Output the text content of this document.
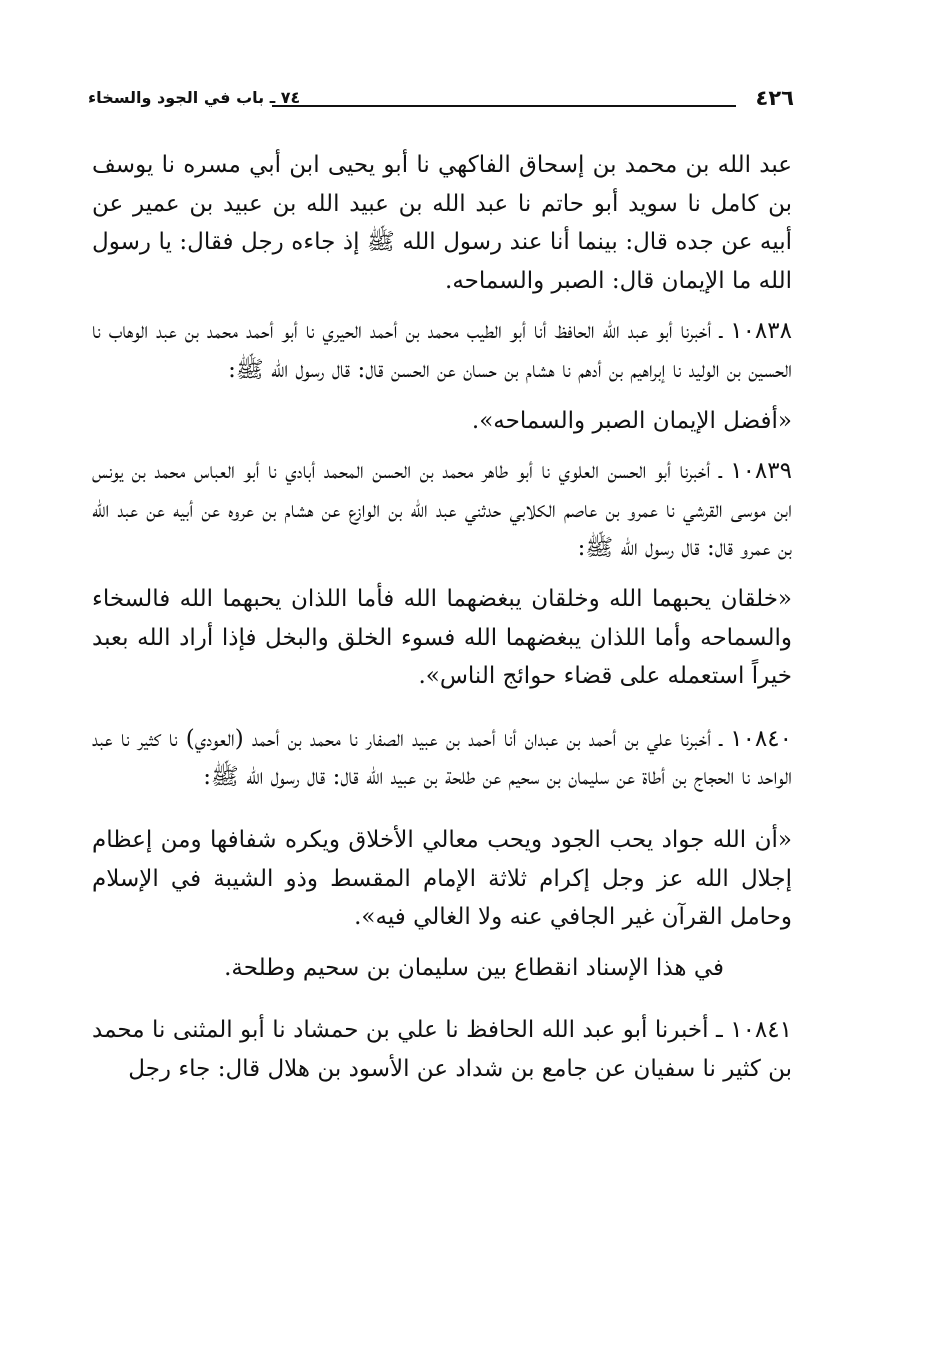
٤٢٦
٧٤ ـ باب في الجود والسخاء

عبد الله بن محمد بن إسحاق الفاكهي نا أبو يحيى ابن أبي مسره نا يوسف بن كامل نا سويد أبو حاتم نا عبد الله بن عبيد الله بن عبيد بن عمير عن أبيه عن جده قال: بينما أنا عند رسول الله ﷺ إذ جاءه رجل فقال: يا رسول الله ما الإيمان قال: الصبر والسماحه.

١٠٨٣٨ ـ أخبرنا أبو عبد الله الحافظ أنا أبو الطيب محمد بن أحمد الحيري نا أبو أحمد محمد بن عبد الوهاب نا الحسين بن الوليد نا إبراهيم بن أدهم نا هشام بن حسان عن الحسن قال: قال رسول الله ﷺ:

«أفضل الإيمان الصبر والسماحه».

١٠٨٣٩ ـ أخبرنا أبو الحسن العلوي نا أبو طاهر محمد بن الحسن المحمد أبادي نا أبو العباس محمد بن يونس ابن موسى القرشي نا عمرو بن عاصم الكلابي حدثني عبد الله بن الوازع عن هشام بن عروه عن أبيه عن عبد الله بن عمرو قال: قال رسول الله ﷺ:

«خلقان يحبهما الله وخلقان يبغضهما الله فأما اللذان يحبهما الله فالسخاء والسماحه وأما اللذان يبغضهما الله فسوء الخلق والبخل فإذا أراد الله بعبد خيراً استعمله على قضاء حوائج الناس».

١٠٨٤٠ ـ أخبرنا علي بن أحمد بن عبدان أنا أحمد بن عبيد الصفار نا محمد بن أحمد (العودي) نا كثير نا عبد الواحد نا الحجاج بن أطاة عن سليمان بن سحيم عن طلحة بن عبيد الله قال: قال رسول الله ﷺ:

«أن الله جواد يحب الجود ويحب معالي الأخلاق ويكره شفافها ومن إعظام إجلال الله عز وجل إكرام ثلاثة الإمام المقسط وذو الشيبة في الإسلام وحامل القرآن غير الجافي عنه ولا الغالي فيه».

في هذا الإسناد انقطاع بين سليمان بن سحيم وطلحة.

١٠٨٤١ ـ أخبرنا أبو عبد الله الحافظ نا علي بن حمشاد نا أبو المثنى نا محمد بن كثير نا سفيان عن جامع بن شداد عن الأسود بن هلال قال: جاء رجل
